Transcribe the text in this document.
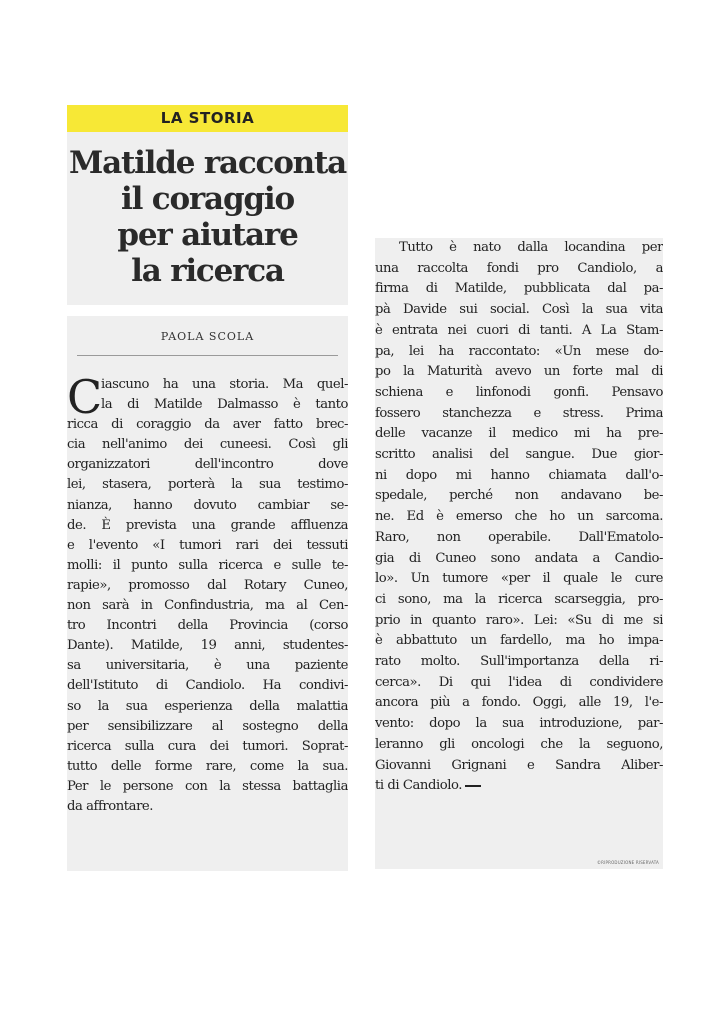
LA STORIA
Matilde racconta
il coraggio
per aiutare
la ricerca
PAOLA SCOLA
C iascuno ha una storia. Ma quel-
la di Matilde Dalmasso è tanto
ricca di coraggio da aver fatto brec-
cia nell'animo dei cuneesi. Così gli
organizzatori dell'incontro dove
lei, stasera, porterà la sua testimo-
nianza, hanno dovuto cambiar se-
de. È prevista una grande affluenza
e l'evento «I tumori rari dei tessuti
molli: il punto sulla ricerca e sulle te-
rapie», promosso dal Rotary Cuneo,
non sarà in Confindustria, ma al Cen-
tro Incontri della Provincia (corso
Dante). Matilde, 19 anni, studentes-
sa universitaria, è una paziente
dell'Istituto di Candiolo. Ha condivi-
so la sua esperienza della malattia
per sensibilizzare al sostegno della
ricerca sulla cura dei tumori. Soprat-
tutto delle forme rare, come la sua.
Per le persone con la stessa battaglia
da affrontare.
Tutto è nato dalla locandina per
una raccolta fondi pro Candiolo, a
firma di Matilde, pubblicata dal pa-
pà Davide sui social. Così la sua vita
è entrata nei cuori di tanti. A La Stam-
pa, lei ha raccontato: «Un mese do-
po la Maturità avevo un forte mal di
schiena e linfonodi gonfi. Pensavo
fossero stanchezza e stress. Prima
delle vacanze il medico mi ha pre-
scritto analisi del sangue. Due gior-
ni dopo mi hanno chiamata dall'o-
spedale, perché non andavano be-
ne. Ed è emerso che ho un sarcoma.
Raro, non operabile. Dall'Ematolo-
gia di Cuneo sono andata a Candio-
lo». Un tumore «per il quale le cure
ci sono, ma la ricerca scarseggia, pro-
prio in quanto raro». Lei: «Su di me si
è abbattuto un fardello, ma ho impa-
rato molto. Sull'importanza della ri-
cerca». Di qui l'idea di condividere
ancora più a fondo. Oggi, alle 19, l'e-
vento: dopo la sua introduzione, par-
leranno gli oncologi che la seguono,
Giovanni Grignani e Sandra Aliber-
ti di Candiolo.
©RIPRODUZIONE RISERVATA
